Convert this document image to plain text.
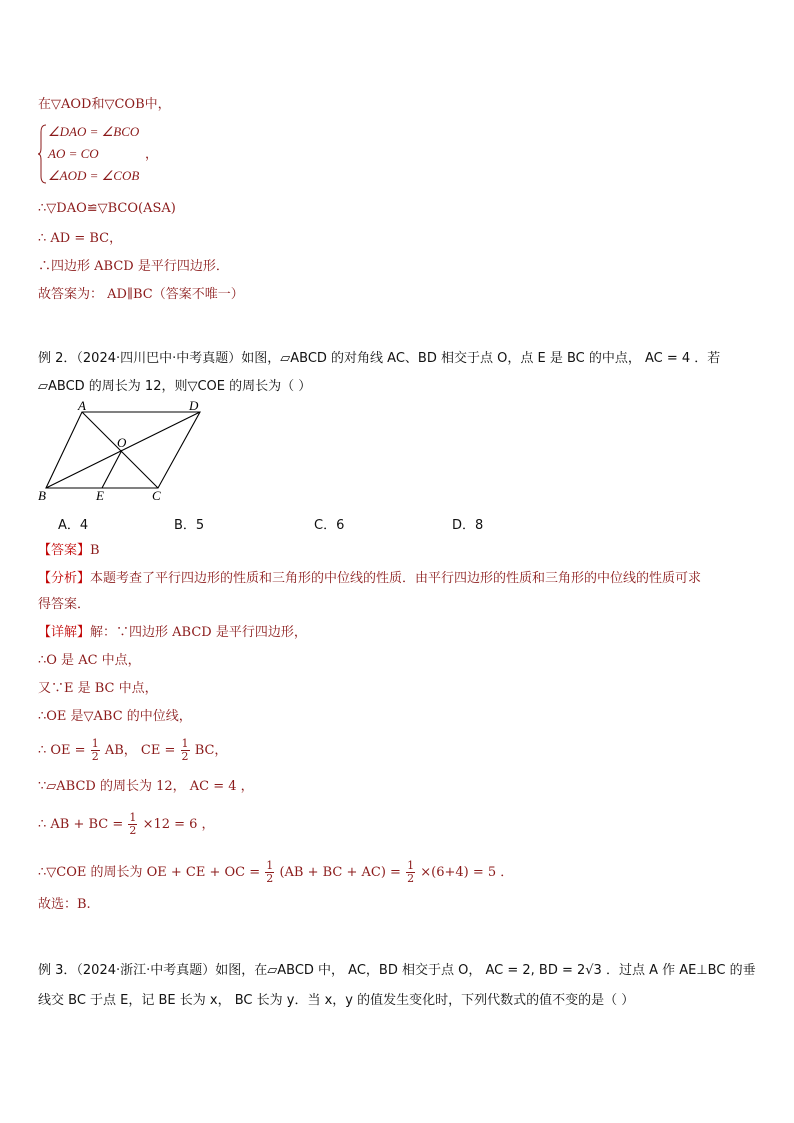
在▽AOD和▽COB中，
∠DAO = ∠BCO
AO = CO
∠AOD = ∠COB
，
∴▽DAO≌▽BCO(ASA)
∴ AD = BC，
∴四边形 ABCD 是平行四边形．
故答案为： AD∥BC（答案不唯一）
例 2．（2024·四川巴中·中考真题）如图，▱ABCD 的对角线 AC、BD 相交于点 O，点 E 是 BC 的中点， AC = 4 ．若
▱ABCD 的周长为 12，则▽COE 的周长为（ ）
A	D
O
B	E	C
A．4	B．5	C．6	D．8
【答案】B
【分析】本题考查了平行四边形的性质和三角形的中位线的性质．由平行四边形的性质和三角形的中位线的性质可求
得答案．
【详解】解：∵四边形 ABCD 是平行四边形，
∴O 是 AC 中点，
又∵E 是 BC 中点，
∴OE 是▽ABC 的中位线，
∴ OE = $\frac{1}{2}$ AB， CE = $\frac{1}{2}$ BC，
∵▱ABCD 的周长为 12， AC = 4 ，
∴ AB + BC = $\frac{1}{2} \times 12 = 6$ ，
∴▽COE 的周长为 OE + CE + OC = $\frac{1}{2} (AB$ + BC + $AC) = \frac{1}{2} \times(6+4) = 5$ ．
故选：B.
例 3．（2024·浙江·中考真题）如图，在▱ABCD 中， AC，BD 相交于点 O， AC = 2, BD = 2√3 ．过点 A 作 AE⊥BC 的垂
线交 BC 于点 E，记 BE 长为 x， BC 长为 y．当 x，y 的值发生变化时，下列代数式的值不变的是（ ）
